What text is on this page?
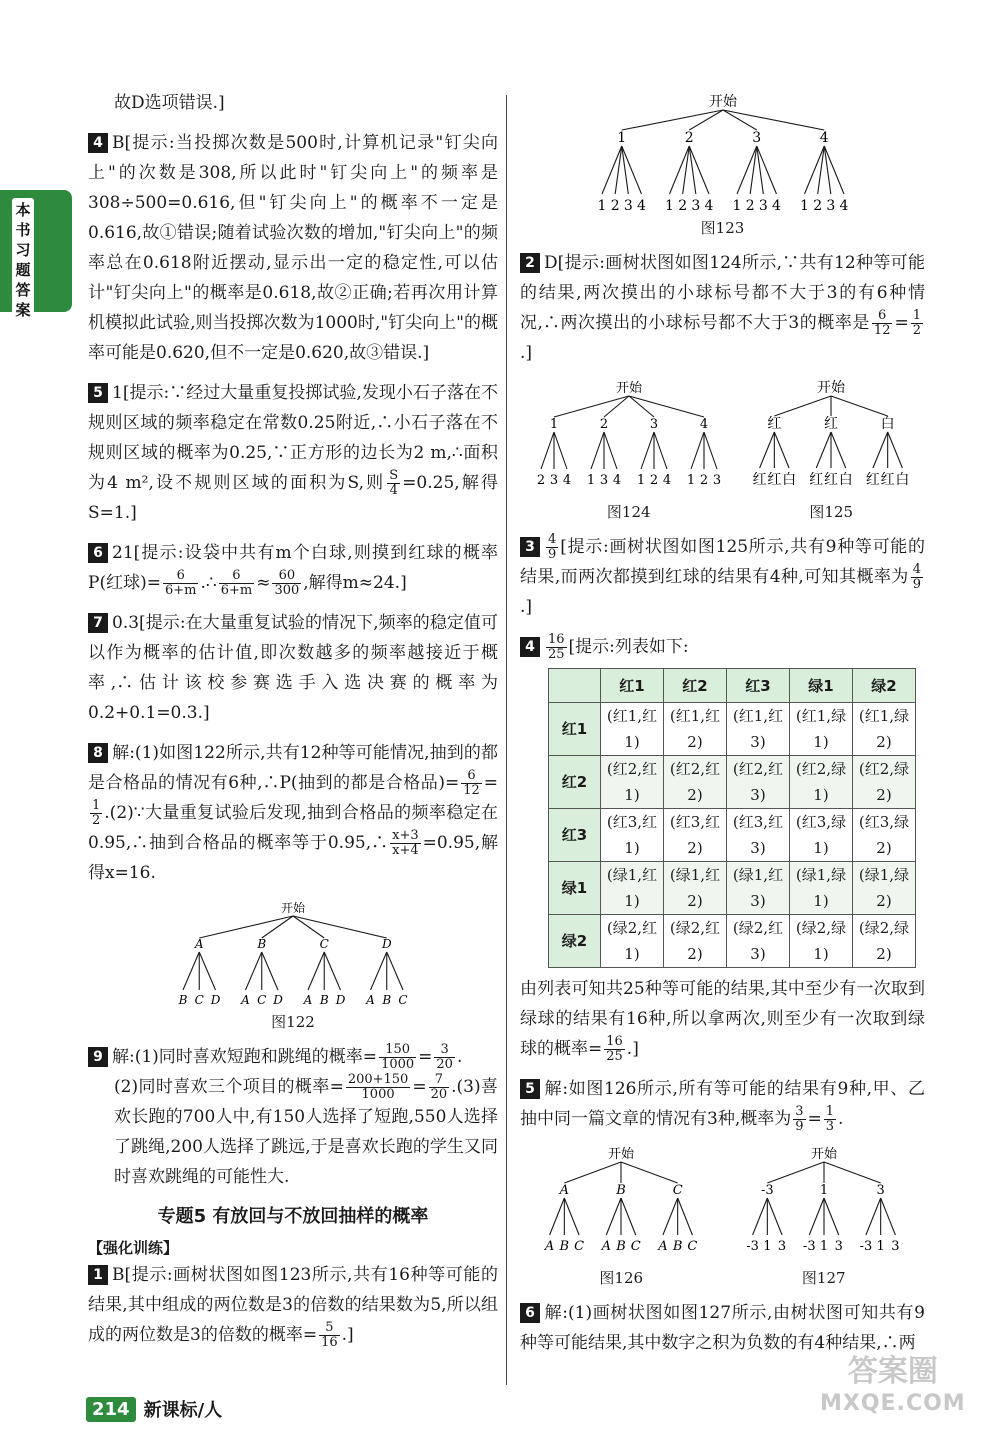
本书习题答案
故D选项错误.]
4 B[提示:当投掷次数是500时,计算机记录"钉尖向上"的次数是308,所以此时"钉尖向上"的频率是308÷500=0.616,但"钉尖向上"的概率不一定是0.616,故①错误;随着试验次数的增加,"钉尖向上"的频率总在0.618附近摆动,显示出一定的稳定性,可以估计"钉尖向上"的概率是0.618,故②正确;若再次用计算机模拟此试验,则当投掷次数为1000时,"钉尖向上"的概率可能是0.620,但不一定是0.620,故③错误.]
5 1[提示:∵经过大量重复投掷试验,发现小石子落在不规则区域的频率稳定在常数0.25附近,∴小石子落在不规则区域的概率为0.25,∵正方形的边长为2 m,∴面积为4 m²,设不规则区域的面积为S,则 $\frac{S}{4} =0.25$,解得S=1.]
6 21[提示:设袋中共有m个白球,则摸到红球的概率P(红球)= $\frac{6}{6+m}$ .∴ $\frac{6}{6+m} \approx \frac{60}{300}$ ,解得m≈24.]
7 0.3[提示:在大量重复试验的情况下,频率的稳定值可以作为概率的估计值,即次数越多的频率越接近于概率,∴估计该校参赛选手入选决赛的概率为0.2+0.1=0.3.]
8 解:(1)如图122所示,共有12种等可能情况,抽到的都是合格品的情况有6种,∴P(抽到的都是合格品)= $\frac{6}{12}$ =
$\frac{1}{2}$ .(2)∵大量重复试验后发现,抽到合格品的频率稳定在0.95,∴抽到合格品的概率等于0.95,∴ $\frac{x+3}{x+4} =0.95$,解得x=16.
开始
A
B C D
B
A C D
C
A B D
D
A B C
图122
9 解:(1)同时喜欢短跑和跳绳的概率= $\frac{150}{1000} = \frac{3}{20}$ .
(2)同时喜欢三个项目的概率= $\frac{200+150}{1000} = \frac{7}{20} .(3)$喜欢长跑的700人中,有150人选择了短跑,550人选择了跳绳,200人选择了跳远,于是喜欢长跑的学生又同时喜欢跳绳的可能性大.
专题5 有放回与不放回抽样的概率
【强化训练】
1 B[提示:画树状图如图123所示,共有16种等可能的结果,其中组成的两位数是3的倍数的结果数为5,所以组成的两位数是3的倍数的概率= $\frac{5}{16}$ .]
开始
1
1 2 3 4
2
1 2 3 4
3
1 2 3 4
4
1 2 3 4
图123
2 D[提示:画树状图如图124所示,∵共有12种等可能的结果,两次摸出的小球标号都不大于3的有6种情况,∴两次摸出的小球标号都不大于3的概率是 $\frac{6}{12} = \frac{1}{2}$
.]
开始
1
2 3 4
2
1 3 4
3
1 2 4
4
1 2 3
图124
开始
红
红 红 白
红
红 红 白
白
红 红 白
图125
$3 \frac{4}{9}$ [提示:画树状图如图125所示,共有9种等可能的结果,而两次都摸到红球的结果有4种,可知其概率为 $\frac{4}{9}$
.]
$4 \frac{16}{25}$ [提示:列表如下:
	红1	红2	红3	绿1	绿2
红1	(红1,红1)	(红1,红2)	(红1,红3)	(红1,绿1)	(红1,绿2)
红2	(红2,红1)	(红2,红2)	(红2,红3)	(红2,绿1)	(红2,绿2)
红3	(红3,红1)	(红3,红2)	(红3,红3)	(红3,绿1)	(红3,绿2)
绿1	(绿1,红1)	(绿1,红2)	(绿1,红3)	(绿1,绿1)	(绿1,绿2)
绿2	(绿2,红1)	(绿2,红2)	(绿2,红3)	(绿2,绿1)	(绿2,绿2)
由列表可知共25种等可能的结果,其中至少有一次取到绿球的结果有16种,所以拿两次,则至少有一次取到绿球的概率= $\frac{16}{25}$ .]
5 解:如图126所示,所有等可能的结果有9种,甲、乙抽中同一篇文章的情况有3种,概率为 $\frac{3}{9} = \frac{1}{3}$ .
开始
A
A B C
B
A B C
C
A B C
图126
开始
-3
-3 1 3
1
-3 1 3
3
-3 1 3
图127
6 解:(1)画树状图如图127所示,由树状图可知共有9种等可能结果,其中数字之积为负数的有4种结果,∴两
214 新课标/人
答案圈
MXQE.COM
